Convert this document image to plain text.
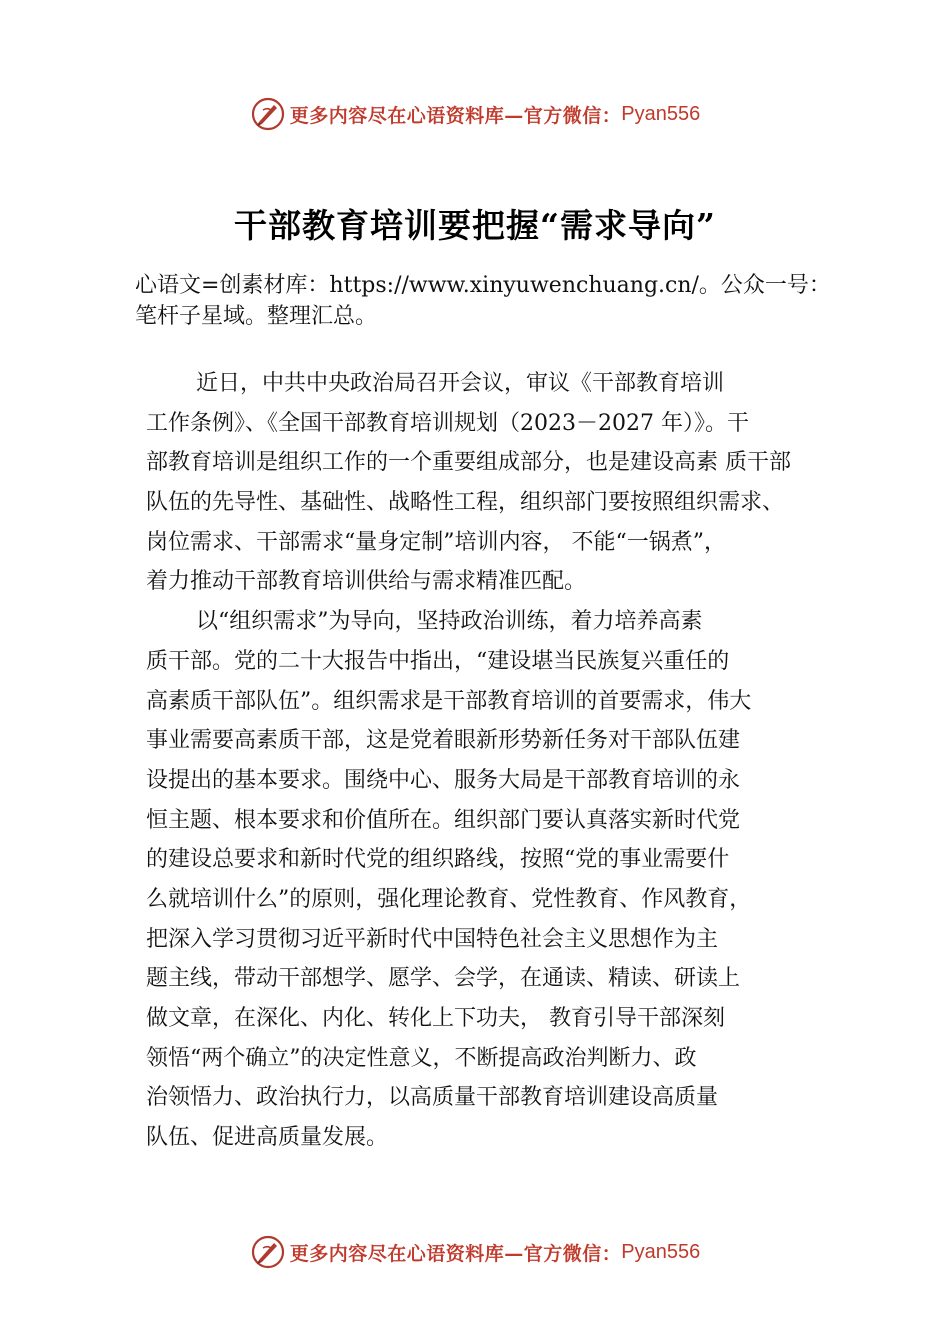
更多内容尽在心语资料库—官方微信： Pyan556
干部教育培训要把握“需求导向”
心语文=创素材库：https://www.xinyuwenchuang.cn/。公众一号：笔杆子星域。整理汇总。
近日，中共中央政治局召开会议，审议《干部教育培训
工作条例》、《全国干部教育培训规划（2023－2027 年）》。干
部教育培训是组织工作的一个重要组成部分，也是建设高素 质干部
队伍的先导性、基础性、战略性工程，组织部门要按照组织需求、
岗位需求、干部需求“量身定制”培训内容， 不能“一锅煮”，
着力推动干部教育培训供给与需求精准匹配。
以“组织需求”为导向，坚持政治训练，着力培养高素
质干部。党的二十大报告中指出，“建设堪当民族复兴重任的
高素质干部队伍”。组织需求是干部教育培训的首要需求，伟大
事业需要高素质干部，这是党着眼新形势新任务对干部队伍建
设提出的基本要求。围绕中心、服务大局是干部教育培训的永
恒主题、根本要求和价值所在。组织部门要认真落实新时代党
的建设总要求和新时代党的组织路线，按照“党的事业需要什
么就培训什么”的原则，强化理论教育、党性教育、作风教育，
把深入学习贯彻习近平新时代中国特色社会主义思想作为主
题主线，带动干部想学、愿学、会学，在通读、精读、研读上
做文章，在深化、内化、转化上下功夫， 教育引导干部深刻
领悟“两个确立”的决定性意义，不断提高政治判断力、政
治领悟力、政治执行力，以高质量干部教育培训建设高质量
队伍、促进高质量发展。
更多内容尽在心语资料库—官方微信： Pyan556
